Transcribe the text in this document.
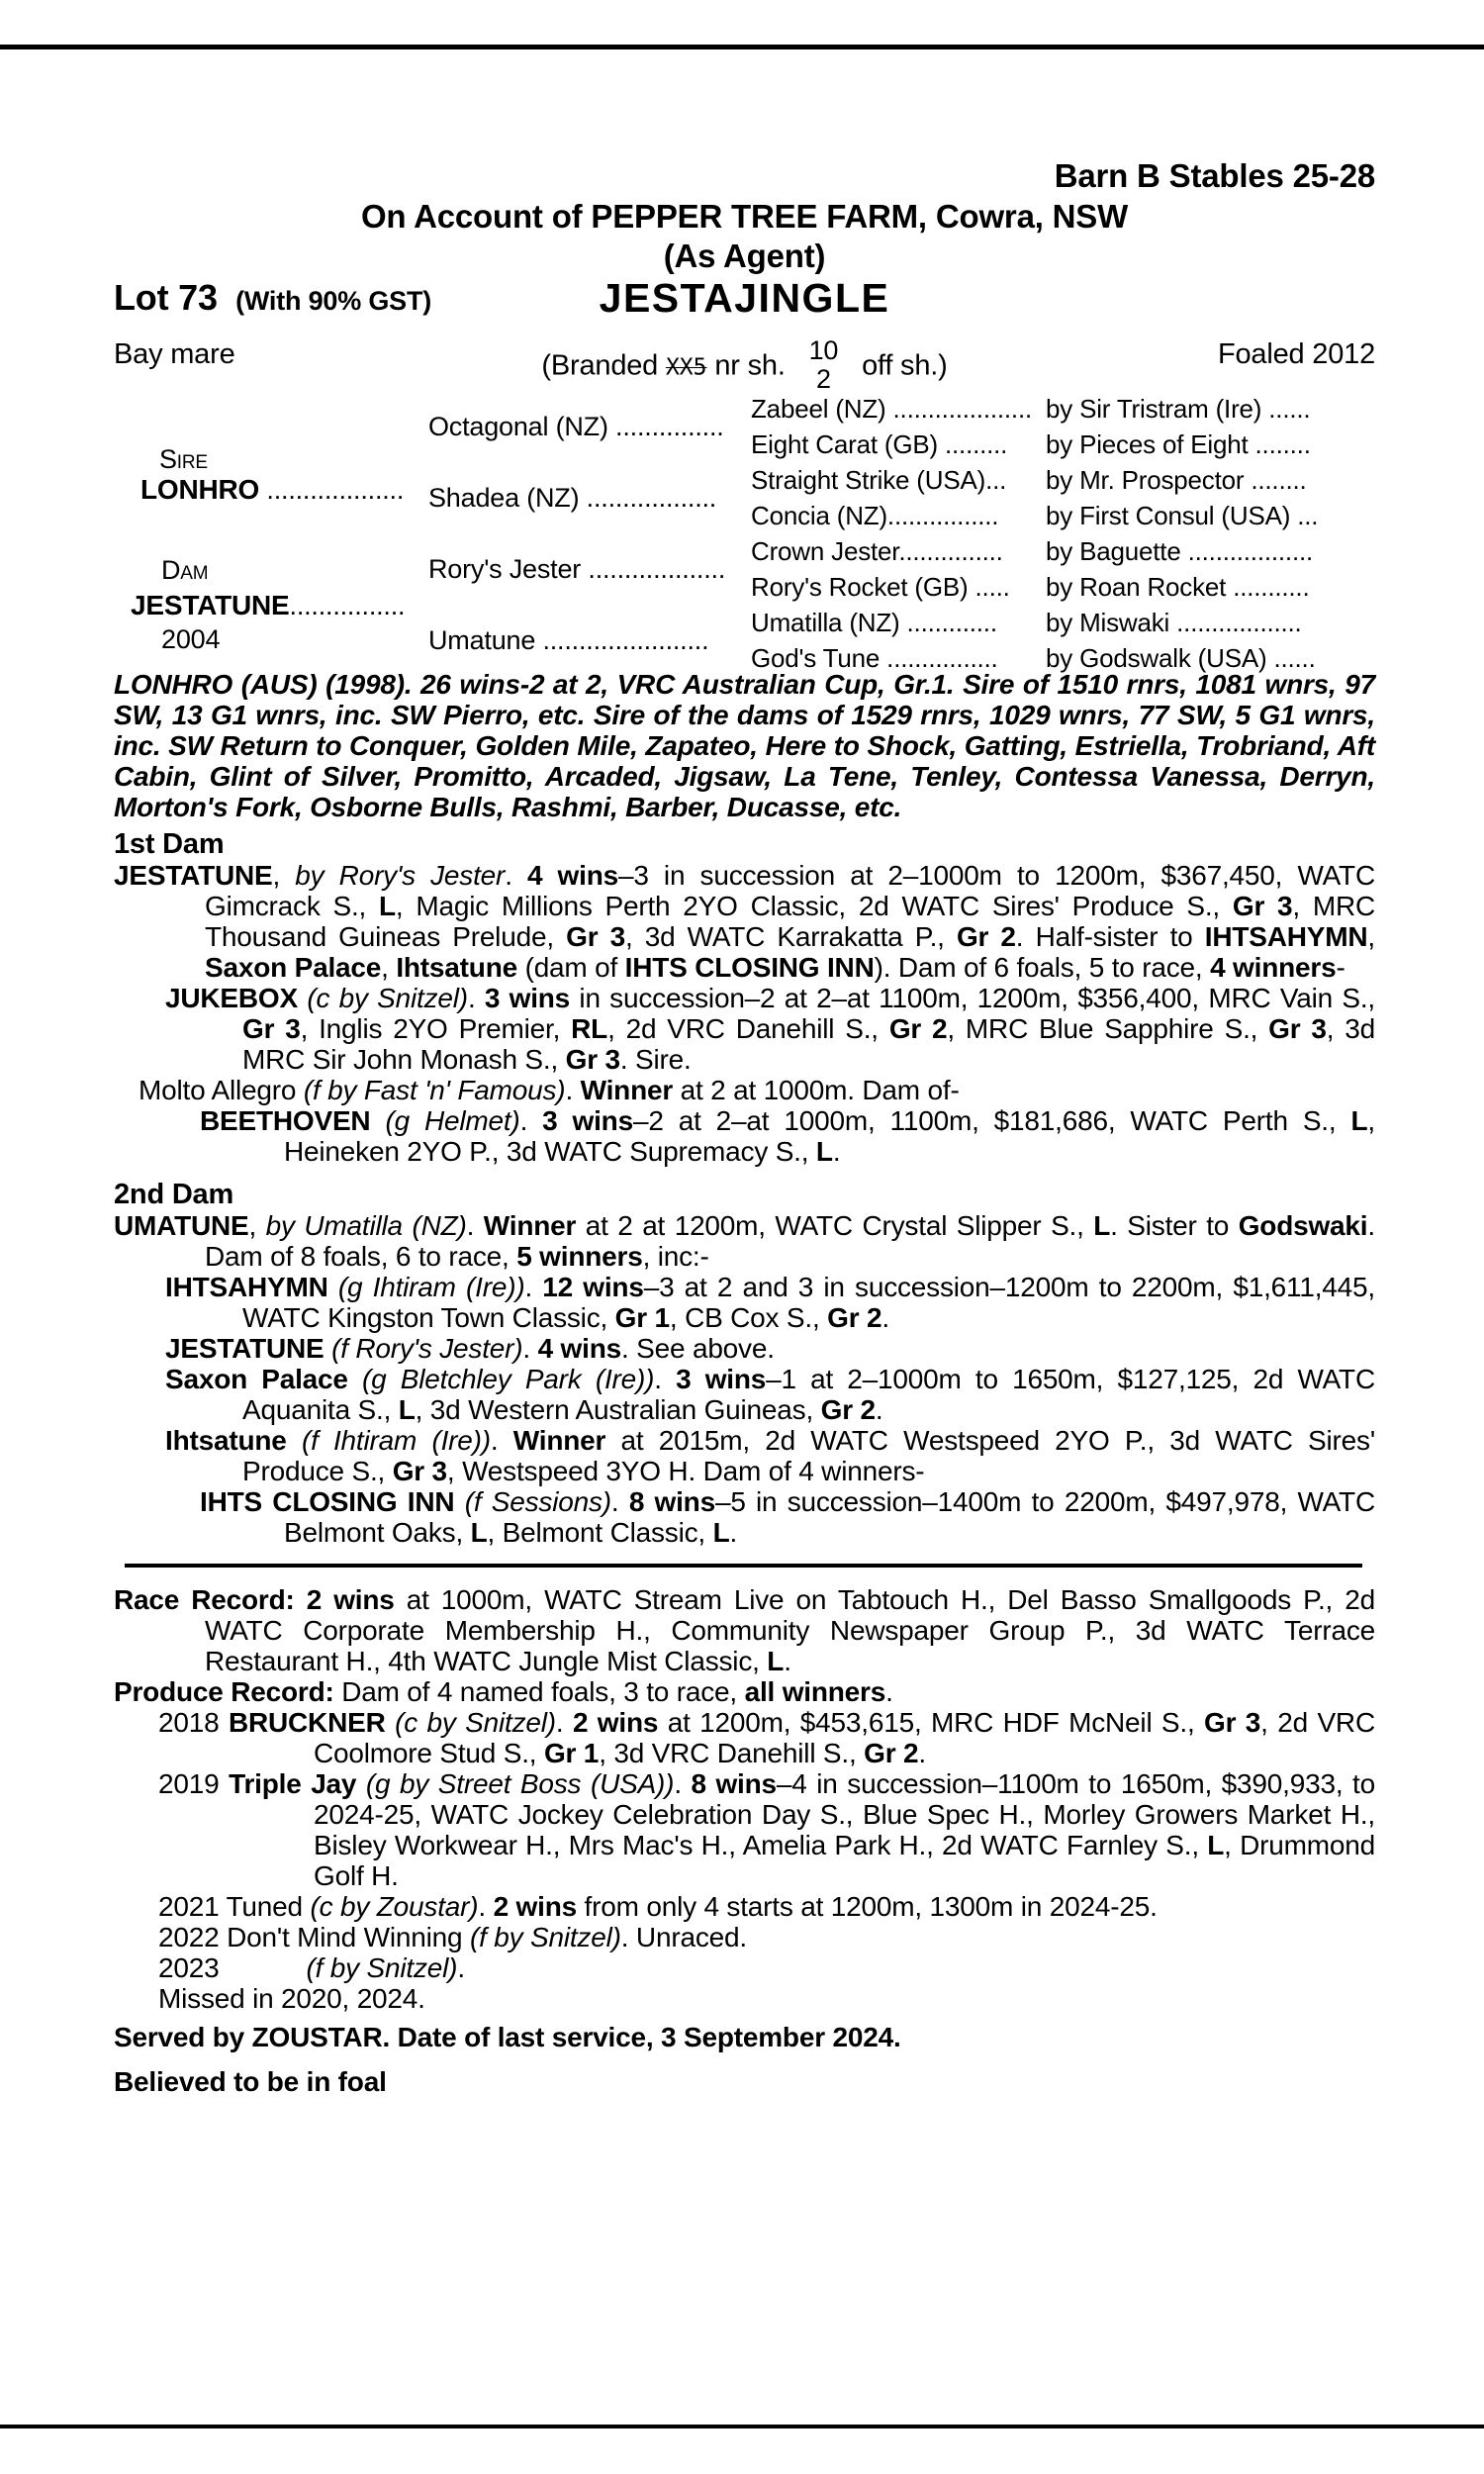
Barn B Stables 25-28
On Account of PEPPER TREE FARM, Cowra, NSW
(As Agent)
Lot 73 (With 90% GST)	JESTAJINGLE
Bay mare	(Branded XX5 nr sh. 10
2 off sh.)	Foaled 2012
Sire
LONHRO ...................
Dam
JESTATUNE................
2004
Octagonal (NZ) ...............
Shadea (NZ) ..................
Rory's Jester ...................
Umatune .......................
Zabeel (NZ) .................... by Sir Tristram (Ire) ......
Eight Carat (GB) .........	by Pieces of Eight ........
Straight Strike (USA)...	by Mr. Prospector ........
Concia (NZ)................	by First Consul (USA) ...
Crown Jester...............	by Baguette ..................
Rory's Rocket (GB) .....	by Roan Rocket ...........
Umatilla (NZ) .............	by Miswaki ..................
God's Tune ................	by Godswalk (USA) ......

LONHRO (AUS) (1998). 26 wins-2 at 2, VRC Australian Cup, Gr.1. Sire of 1510 rnrs, 1081 wnrs, 97 SW, 13 G1 wnrs, inc. SW Pierro, etc. Sire of the dams of 1529 rnrs, 1029 wnrs, 77 SW, 5 G1 wnrs, inc. SW Return to Conquer, Golden Mile, Zapateo, Here to Shock, Gatting, Estriella, Trobriand, Aft Cabin, Glint of Silver, Promitto, Arcaded, Jigsaw, La Tene, Tenley, Contessa Vanessa, Derryn, Morton's Fork, Osborne Bulls, Rashmi, Barber, Ducasse, etc.

1st Dam

JESTATUNE, by Rory's Jester. 4 wins–3 in succession at 2–1000m to 1200m, $367,450, WATC Gimcrack S., L, Magic Millions Perth 2YO Classic, 2d WATC Sires' Produce S., Gr 3, MRC Thousand Guineas Prelude, Gr 3, 3d WATC Karrakatta P., Gr 2. Half-sister to IHTSAHYMN, Saxon Palace, Ihtsatune (dam of IHTS CLOSING INN). Dam of 6 foals, 5 to race, 4 winners-

JUKEBOX (c by Snitzel). 3 wins in succession–2 at 2–at 1100m, 1200m, $356,400, MRC Vain S., Gr 3, Inglis 2YO Premier, RL, 2d VRC Danehill S., Gr 2, MRC Blue Sapphire S., Gr 3, 3d MRC Sir John Monash S., Gr 3. Sire.

Molto Allegro (f by Fast 'n' Famous). Winner at 2 at 1000m. Dam of-

BEETHOVEN (g Helmet). 3 wins–2 at 2–at 1000m, 1100m, $181,686, WATC Perth S., L, Heineken 2YO P., 3d WATC Supremacy S., L.

2nd Dam

UMATUNE, by Umatilla (NZ). Winner at 2 at 1200m, WATC Crystal Slipper S., L. Sister to Godswaki. Dam of 8 foals, 6 to race, 5 winners, inc:-

IHTSAHYMN (g Ihtiram (Ire)). 12 wins–3 at 2 and 3 in succession–1200m to 2200m, $1,611,445, WATC Kingston Town Classic, Gr 1, CB Cox S., Gr 2.

JESTATUNE (f Rory's Jester). 4 wins. See above.

Saxon Palace (g Bletchley Park (Ire)). 3 wins–1 at 2–1000m to 1650m, $127,125, 2d WATC Aquanita S., L, 3d Western Australian Guineas, Gr 2.

Ihtsatune (f Ihtiram (Ire)). Winner at 2015m, 2d WATC Westspeed 2YO P., 3d WATC Sires' Produce S., Gr 3, Westspeed 3YO H. Dam of 4 winners-

IHTS CLOSING INN (f Sessions). 8 wins–5 in succession–1400m to 2200m, $497,978, WATC Belmont Oaks, L, Belmont Classic, L.

Race Record: 2 wins at 1000m, WATC Stream Live on Tabtouch H., Del Basso Smallgoods P., 2d WATC Corporate Membership H., Community Newspaper Group P., 3d WATC Terrace Restaurant H., 4th WATC Jungle Mist Classic, L.

Produce Record: Dam of 4 named foals, 3 to race, all winners.

2018 BRUCKNER (c by Snitzel). 2 wins at 1200m, $453,615, MRC HDF McNeil S., Gr 3, 2d VRC Coolmore Stud S., Gr 1, 3d VRC Danehill S., Gr 2.

2019 Triple Jay (g by Street Boss (USA)). 8 wins–4 in succession–1100m to 1650m, $390,933, to 2024-25, WATC Jockey Celebration Day S., Blue Spec H., Morley Growers Market H., Bisley Workwear H., Mrs Mac's H., Amelia Park H., 2d WATC Farnley S., L, Drummond Golf H.

2021 Tuned (c by Zoustar). 2 wins from only 4 starts at 1200m, 1300m in 2024-25.

2022 Don't Mind Winning (f by Snitzel). Unraced.

2023	(f by Snitzel).

Missed in 2020, 2024.

Served by ZOUSTAR. Date of last service, 3 September 2024.

Believed to be in foal
